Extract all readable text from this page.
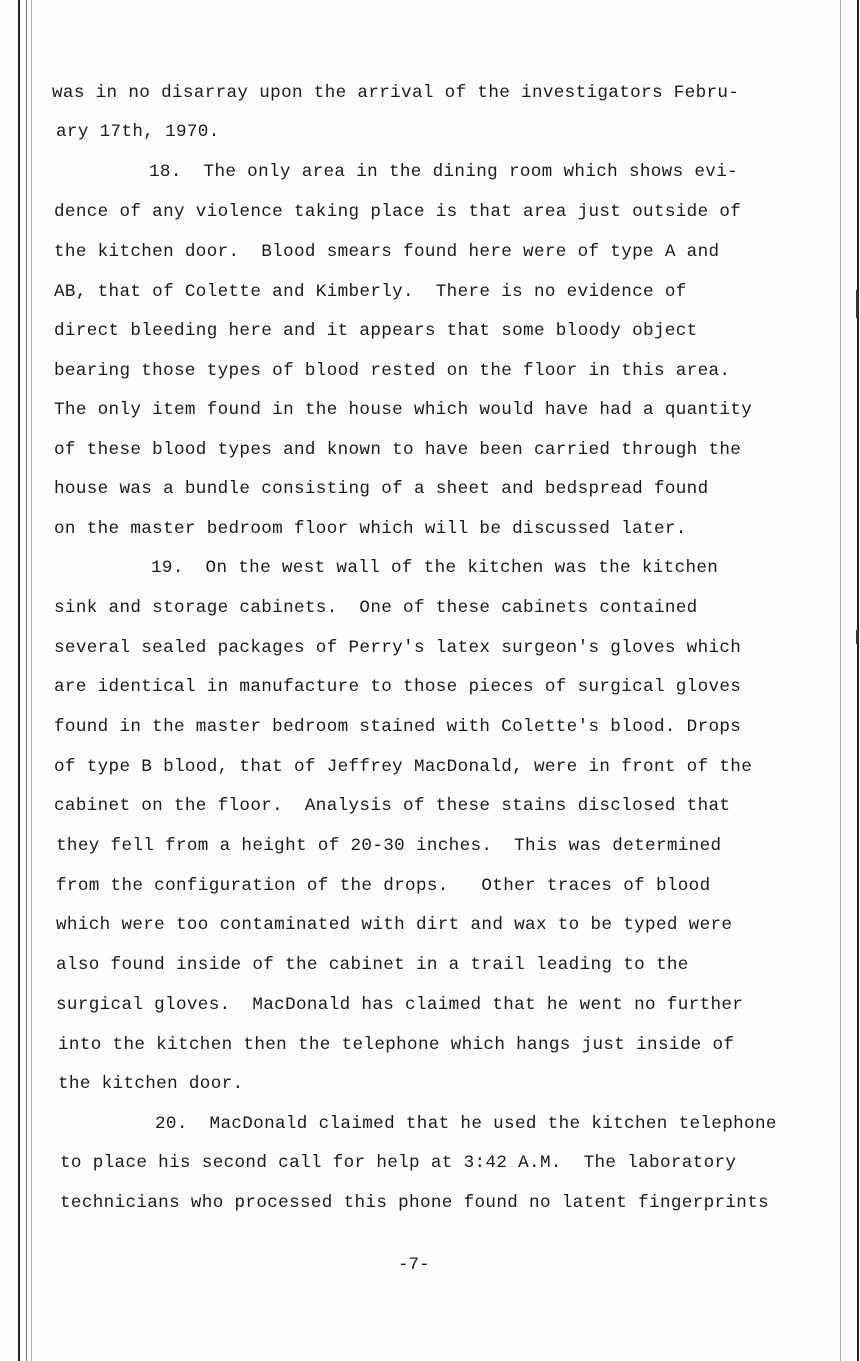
was in no disarray upon the arrival of the investigators Febru-
ary 17th, 1970.
18.  The only area in the dining room which shows evi-
dence of any violence taking place is that area just outside of
the kitchen door.  Blood smears found here were of type A and
AB, that of Colette and Kimberly.  There is no evidence of
direct bleeding here and it appears that some bloody object
bearing those types of blood rested on the floor in this area.
The only item found in the house which would have had a quantity
of these blood types and known to have been carried through the
house was a bundle consisting of a sheet and bedspread found
on the master bedroom floor which will be discussed later.
19.  On the west wall of the kitchen was the kitchen
sink and storage cabinets.  One of these cabinets contained
several sealed packages of Perry's latex surgeon's gloves which
are identical in manufacture to those pieces of surgical gloves
found in the master bedroom stained with Colette's blood. Drops
of type B blood, that of Jeffrey MacDonald, were in front of the
cabinet on the floor.  Analysis of these stains disclosed that
they fell from a height of 20-30 inches.  This was determined
from the configuration of the drops.   Other traces of blood
which were too contaminated with dirt and wax to be typed were
also found inside of the cabinet in a trail leading to the
surgical gloves.  MacDonald has claimed that he went no further
into the kitchen then the telephone which hangs just inside of
the kitchen door.
20.  MacDonald claimed that he used the kitchen telephone
to place his second call for help at 3:42 A.M.  The laboratory
technicians who processed this phone found no latent fingerprints
-7-
